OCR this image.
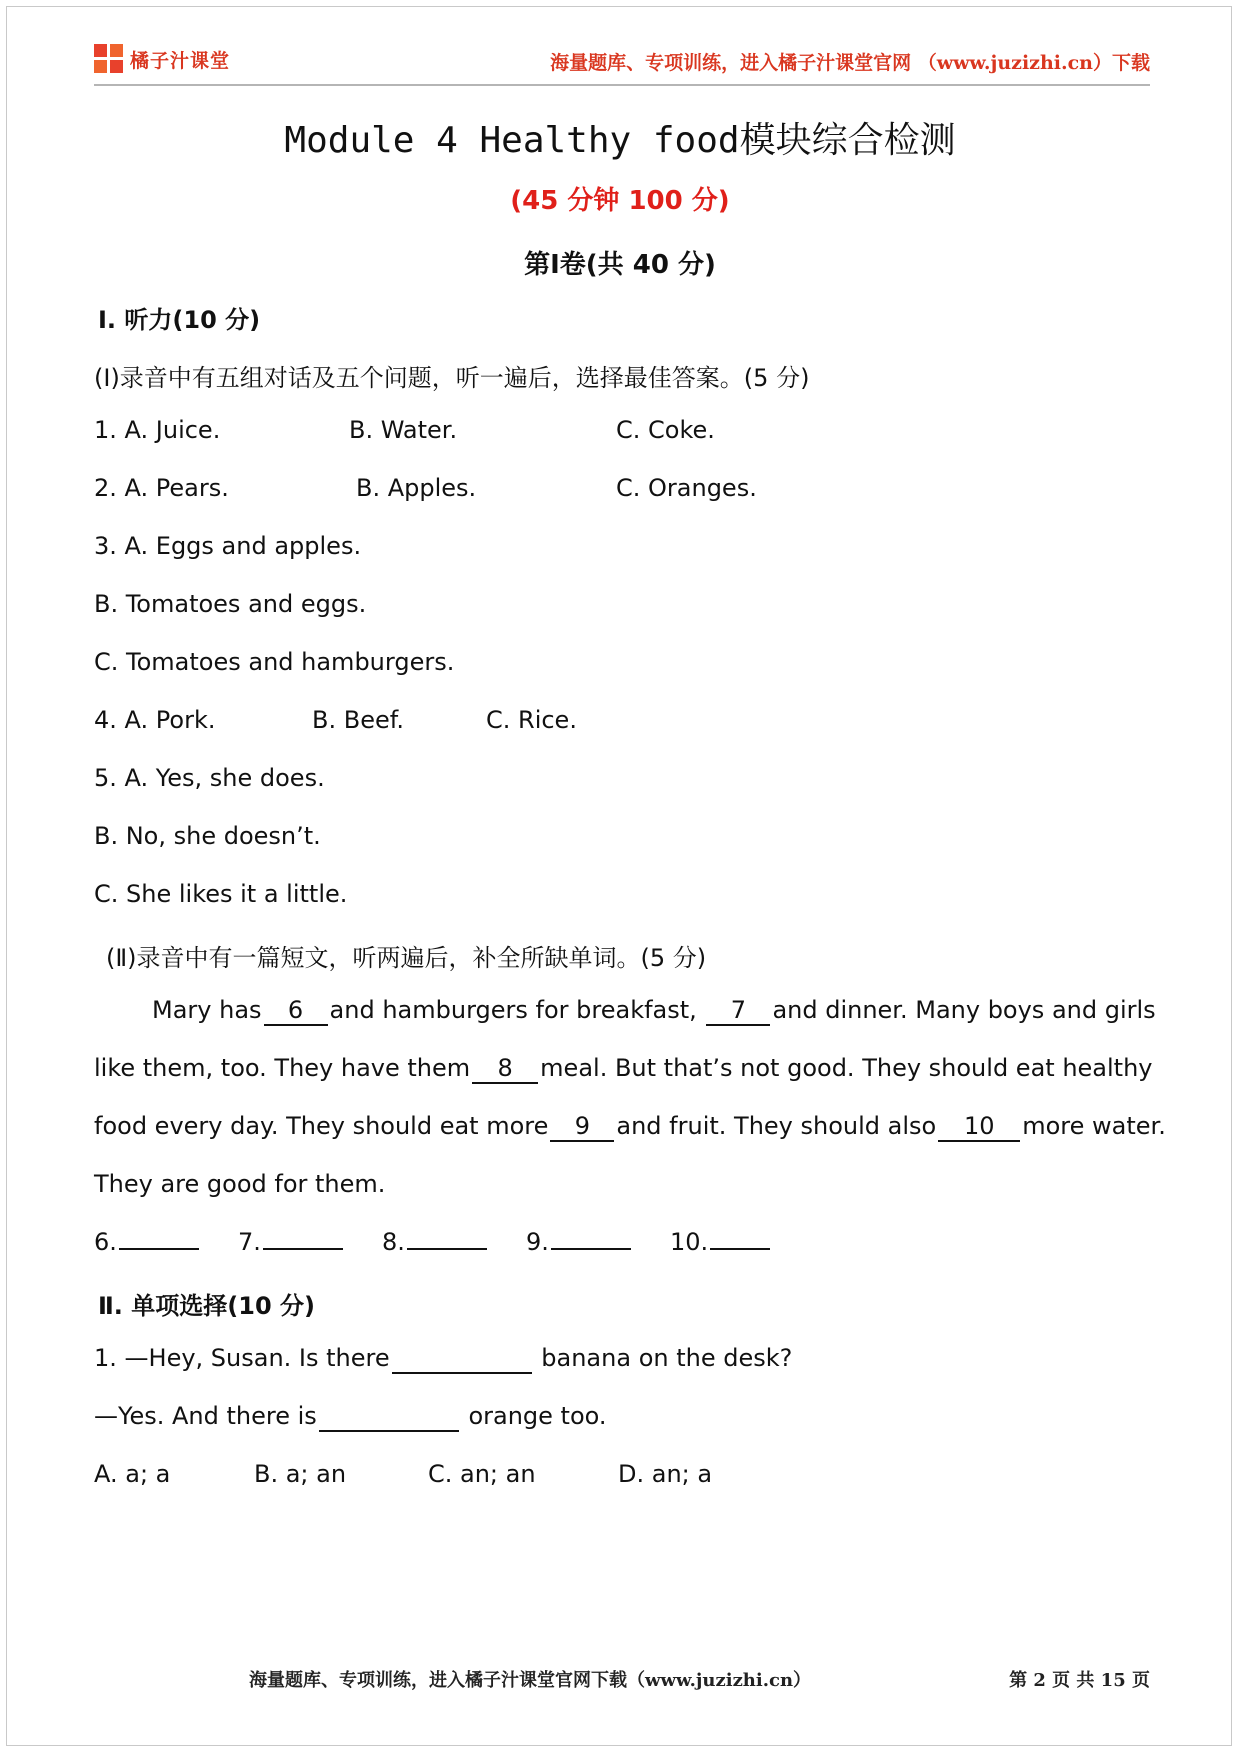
橘子汁课堂	海量题库、专项训练，进入橘子汁课堂官网 （www.juzizhi.cn）下载
Module 4 Healthy food模块综合检测
(45 分钟 100 分)
第Ⅰ卷(共 40 分)
Ⅰ. 听力(10 分)
(Ⅰ)录音中有五组对话及五个问题，听一遍后，选择最佳答案。(5 分)
1. A. Juice.	B. Water.	C. Coke.
2. A. Pears.	B. Apples.	C. Oranges.
3. A. Eggs and apples.
B. Tomatoes and eggs.
C. Tomatoes and hamburgers.
4. A. Pork.	B. Beef.	C. Rice.
5. A. Yes, she does.
B. No, she doesn’t.
C. She likes it a little.
(Ⅱ)录音中有一篇短文，听两遍后，补全所缺单词。(5 分)
Mary has 6 and hamburgers for breakfast, 7 and dinner. Many boys and girls
like them, too. They have them 8 meal. But that’s not good. They should eat healthy
food every day. They should eat more 9 and fruit. They should also 10 more water.
They are good for them.
6.	7.	8.	9.	10.
Ⅱ. 单项选择(10 分)
1. —Hey, Susan. Is there	banana on the desk?
—Yes. And there is	orange too.
A. a; a	B. a; an	C. an; an	D. an; a
海量题库、专项训练，进入橘子汁课堂官网下载（www.juzizhi.cn）	第 2 页 共 15 页
